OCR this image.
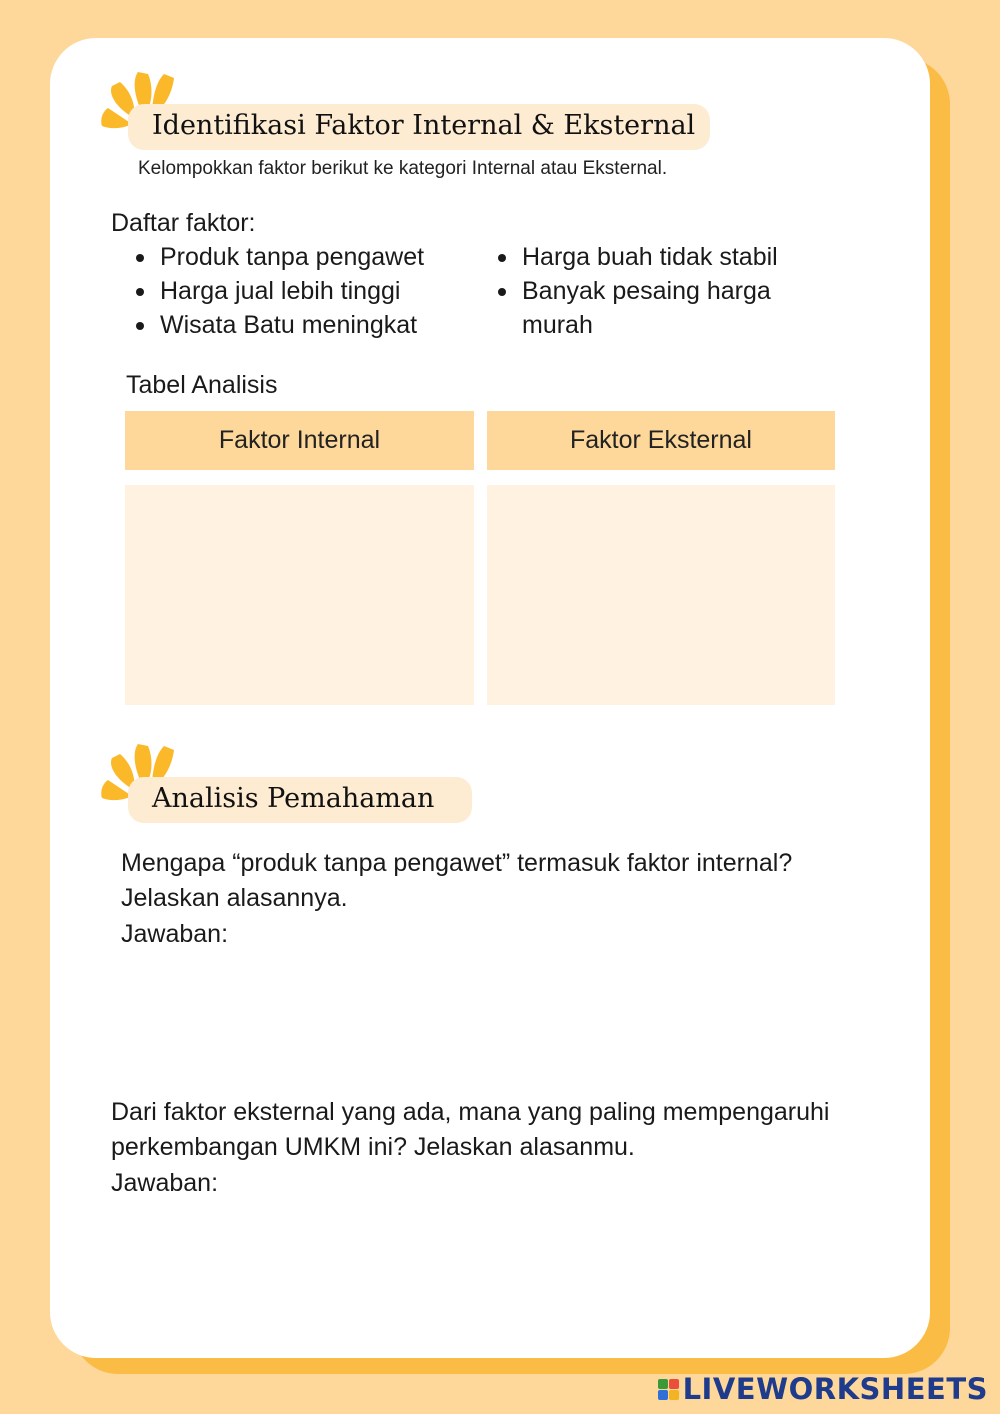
Identifikasi Faktor Internal & Eksternal
Kelompokkan faktor berikut ke kategori Internal atau Eksternal.
Daftar faktor:
Produk tanpa pengawet
Harga jual lebih tinggi
Wisata Batu meningkat
Harga buah tidak stabil
Banyak pesaing harga
murah
Tabel Analisis
Faktor Internal	Faktor Eksternal
Analisis Pemahaman
Mengapa “produk tanpa pengawet” termasuk faktor internal?
Jelaskan alasannya.
Jawaban:
Dari faktor eksternal yang ada, mana yang paling mempengaruhi
perkembangan UMKM ini? Jelaskan alasanmu.
Jawaban:
LIVEWORKSHEETS
